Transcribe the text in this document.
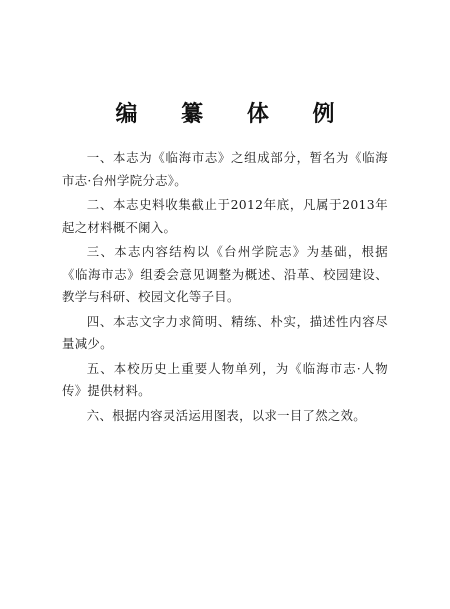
编 纂 体 例

一、本志为《临海市志》之组成部分，暂名为《临海市志·台州学院分志》。

二、本志史料收集截止于2012年底，凡属于2013年起之材料概不阑入。

三、本志内容结构以《台州学院志》为基础，根据《临海市志》组委会意见调整为概述、沿革、校园建设、教学与科研、校园文化等子目。

四、本志文字力求简明、精练、朴实，描述性内容尽量减少。

五、本校历史上重要人物单列，为《临海市志·人物传》提供材料。

六、根据内容灵活运用图表，以求一目了然之效。
